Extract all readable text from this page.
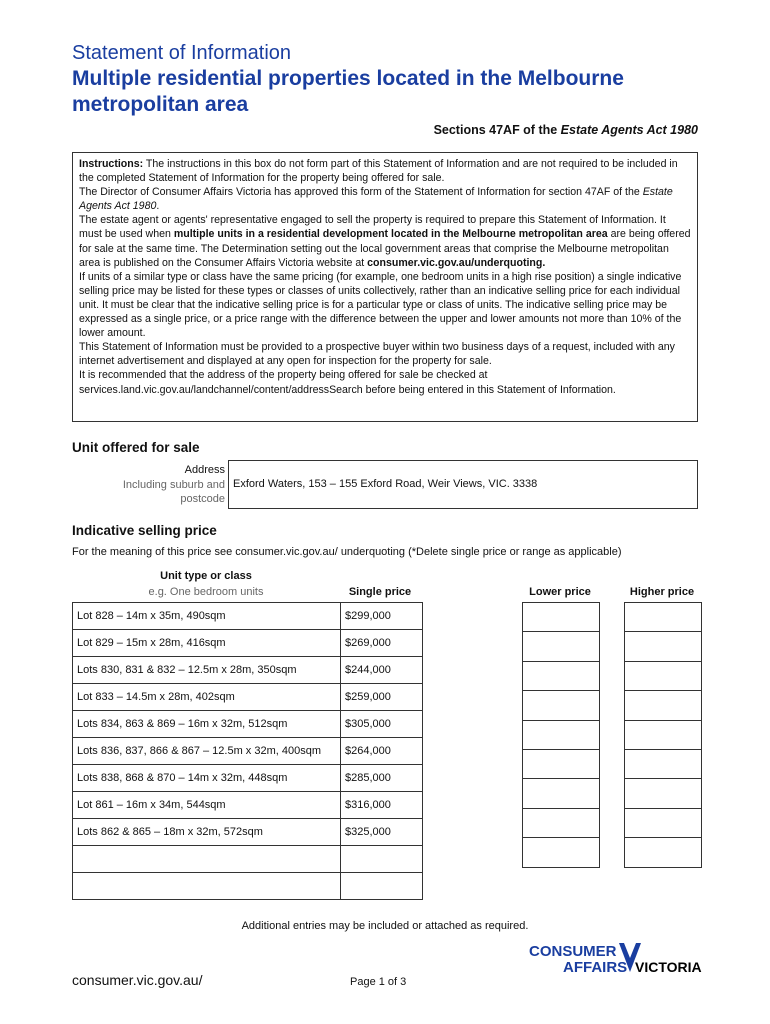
Statement of Information
Multiple residential properties located in the Melbourne metropolitan area
Sections 47AF of the Estate Agents Act 1980

Instructions: The instructions in this box do not form part of this Statement of Information and are not required to be included in the completed Statement of Information for the property being offered for sale.

The Director of Consumer Affairs Victoria has approved this form of the Statement of Information for section 47AF of the Estate Agents Act 1980.

The estate agent or agents' representative engaged to sell the property is required to prepare this Statement of Information. It must be used when multiple units in a residential development located in the Melbourne metropolitan area are being offered for sale at the same time. The Determination setting out the local government areas that comprise the Melbourne metropolitan area is published on the Consumer Affairs Victoria website at consumer.vic.gov.au/underquoting.

If units of a similar type or class have the same pricing (for example, one bedroom units in a high rise position) a single indicative selling price may be listed for these types or classes of units collectively, rather than an indicative selling price for each individual unit. It must be clear that the indicative selling price is for a particular type or class of units. The indicative selling price may be expressed as a single price, or a price range with the difference between the upper and lower amounts not more than 10% of the lower amount.

This Statement of Information must be provided to a prospective buyer within two business days of a request, included with any internet advertisement and displayed at any open for inspection for the property for sale.

It is recommended that the address of the property being offered for sale be checked at services.land.vic.gov.au/landchannel/content/addressSearch before being entered in this Statement of Information.

Unit offered for sale
Address
Including suburb and
postcode
Exford Waters, 153 – 155 Exford Road, Weir Views, VIC. 3338
Indicative selling price
For the meaning of this price see consumer.vic.gov.au/ underquoting (*Delete single price or range as applicable)
Unit type or class
e.g. One bedroom units	Single price	Lower price	Higher price
Lot 828 – 14m x 35m, 490sqm	$299,000
Lot 829 – 15m x 28m, 416sqm	$269,000
Lots 830, 831 & 832 – 12.5m x 28m, 350sqm	$244,000
Lot 833 – 14.5m x 28m, 402sqm	$259,000
Lots 834, 863 & 869 – 16m x 32m, 512sqm	$305,000
Lots 836, 837, 866 & 867 – 12.5m x 32m, 400sqm	$264,000
Lots 838, 868 & 870 – 14m x 32m, 448sqm	$285,000
Lot 861 – 16m x 34m, 544sqm	$316,000
Lots 862 & 865 – 18m x 32m, 572sqm	$325,000

Additional entries may be included or attached as required.
CONSUMER
AFFAIRS VICTORIA
consumer.vic.gov.au/	Page 1 of 3
